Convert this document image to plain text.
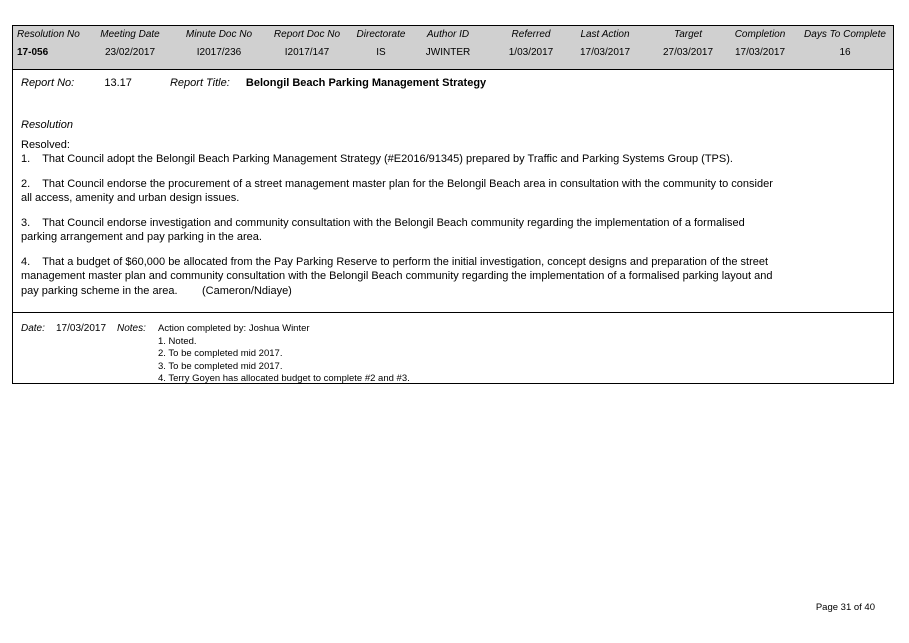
Resolution No
17-056
Meeting Date
23/02/2017
Minute Doc No
I2017/236
Report Doc No
I2017/147
Directorate
IS
Author ID
JWINTER
Referred
1/03/2017
Last Action
17/03/2017
Target
27/03/2017
Completion
17/03/2017
Days To Complete
16
Report No:	13.17	Report Title: Belongil Beach Parking Management Strategy
Resolution
Resolved:

1.    That Council adopt the Belongil Beach Parking Management Strategy (#E2016/91345) prepared by Traffic and Parking Systems Group (TPS).

2.    That Council endorse the procurement of a street management master plan for the Belongil Beach area in consultation with the community to consider all access, amenity and urban design issues.

3.    That Council endorse investigation and community consultation with the Belongil Beach community regarding the implementation of a formalised parking arrangement and pay parking in the area.

4.    That a budget of $60,000 be allocated from the Pay Parking Reserve to perform the initial investigation, concept designs and preparation of the street management master plan and community consultation with the Belongil Beach community regarding the implementation of a formalised parking layout and pay parking scheme in the area.        (Cameron/Ndiaye)

Date: 17/03/2017 Notes: Action completed by: Joshua Winter
1. Noted.
2. To be completed mid 2017.
3. To be completed mid 2017.
4. Terry Goyen has allocated budget to complete #2 and #3.
Page 31 of 40
